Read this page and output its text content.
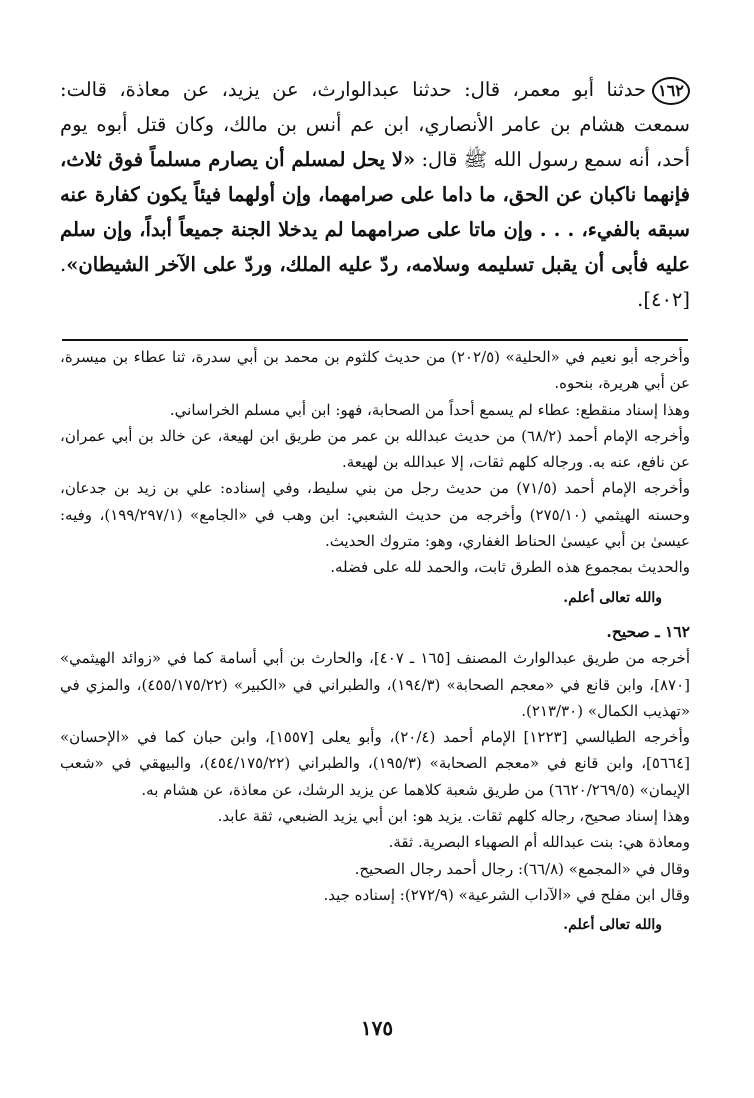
١٦٢حدثنا أبو معمر، قال: حدثنا عبدالوارث، عن يزيد، عن معاذة، قالت: سمعت هشام بن عامر الأنصاري، ابن عم أنس بن مالك، وكان قتل أبوه يوم أحد، أنه سمع رسول الله ﷺ قال: «لا يحل لمسلم أن يصارم مسلماً فوق ثلاث، فإنهما ناكبان عن الحق، ما داما على صرامهما، وإن أولهما فيئاً يكون كفارة عنه سبقه بالفيء، . . . وإن ماتا على صرامهما لم يدخلا الجنة جميعاً أبداً، وإن سلم عليه فأبى أن يقبل تسليمه وسلامه، ردّ عليه الملك، وردّ على الآخر الشيطان». [٤٠٢].

وأخرجه أبو نعيم في «الحلية» (٢٠٢/٥) من حديث كلثوم بن محمد بن أبي سدرة، ثنا عطاء بن ميسرة، عن أبي هريرة، بنحوه.

وهذا إسناد منقطع: عطاء لم يسمع أحداً من الصحابة، فهو: ابن أبي مسلم الخراساني.

وأخرجه الإمام أحمد (٦٨/٢) من حديث عبدالله بن عمر من طريق ابن لهيعة، عن خالد بن أبي عمران، عن نافع، عنه به. ورجاله كلهم ثقات، إلا عبدالله بن لهيعة.

وأخرجه الإمام أحمد (٧١/٥) من حديث رجل من بني سليط، وفي إسناده: علي بن زيد بن جدعان، وحسنه الهيثمي (٢٧٥/١٠) وأخرجه من حديث الشعبي: ابن وهب في «الجامع» (١٩٩/٢٩٧/١)، وفيه: عيسىٰ بن أبي عيسىٰ الحناط الغفاري، وهو: متروك الحديث.

والحديث بمجموع هذه الطرق ثابت، والحمد لله على فضله.

والله تعالى أعلم.

١٦٢ ـ صحيح.

أخرجه من طريق عبدالوارث المصنف [١٦٥ ـ ٤٠٧]، والحارث بن أبي أسامة كما في «زوائد الهيثمي» [٨٧٠]، وابن قانع في «معجم الصحابة» (١٩٤/٣)، والطبراني في «الكبير» (٤٥٥/١٧٥/٢٢)، والمزي في «تهذيب الكمال» (٢١٣/٣٠).

وأخرجه الطيالسي [١٢٢٣] الإمام أحمد (٢٠/٤)، وأبو يعلى [١٥٥٧]، وابن حبان كما في «الإحسان» [٥٦٦٤]، وابن قانع في «معجم الصحابة» (١٩٥/٣)، والطبراني (٤٥٤/١٧٥/٢٢)، والبيهقي في «شعب الإيمان» (٦٦٢٠/٢٦٩/٥) من طريق شعبة كلاهما عن يزيد الرشك، عن معاذة، عن هشام به.

وهذا إسناد صحيح، رجاله كلهم ثقات. يزيد هو: ابن أبي يزيد الضبعي، ثقة عابد.

ومعاذة هي: بنت عبدالله أم الصهباء البصرية. ثقة.

وقال في «المجمع» (٦٦/٨): رجال أحمد رجال الصحيح.

وقال ابن مفلح في «الآداب الشرعية» (٢٧٢/٩): إسناده جيد.

والله تعالى أعلم.

١٧٥
